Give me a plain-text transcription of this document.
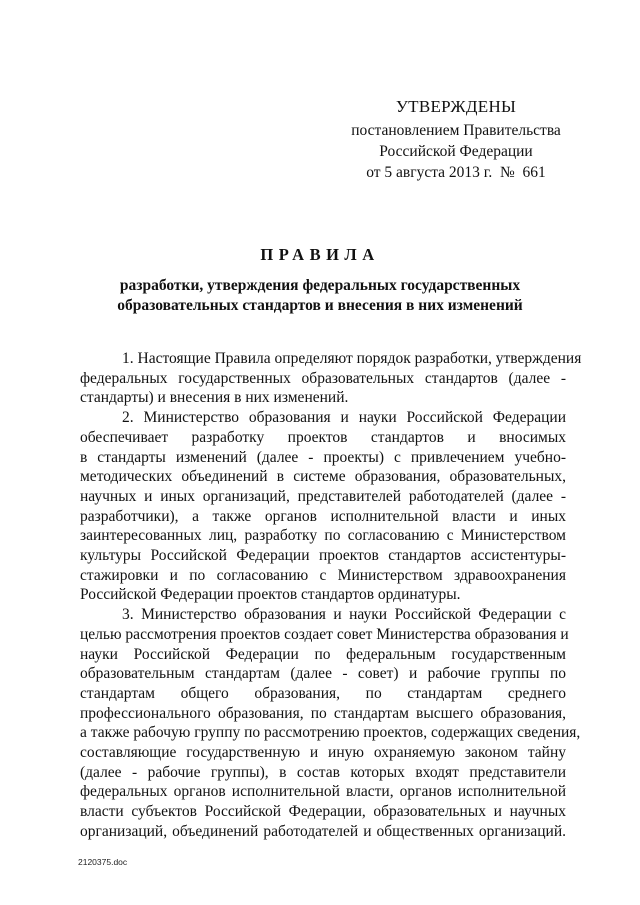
УТВЕРЖДЕНЫ
постановлением Правительства
Российской Федерации
от 5 августа 2013 г.  №  661
ПРАВИЛА
разработки, утверждения федеральных государственных
образовательных стандартов и внесения в них изменений
1. Настоящие Правила определяют порядок разработки, утверждения
федеральных государственных образовательных стандартов (далее -
стандарты) и внесения в них изменений.
2. Министерство образования и науки Российской Федерации
обеспечивает разработку проектов стандартов и вносимых
в стандарты изменений (далее - проекты) с привлечением учебно-
методических объединений в системе образования, образовательных,
научных и иных организаций, представителей работодателей (далее -
разработчики), а также органов исполнительной власти и иных
заинтересованных лиц, разработку по согласованию с Министерством
культуры Российской Федерации проектов стандартов ассистентуры-
стажировки и по согласованию с Министерством здравоохранения
Российской Федерации проектов стандартов ординатуры.
3. Министерство образования и науки Российской Федерации с
целью рассмотрения проектов создает совет Министерства образования и
науки Российской Федерации по федеральным государственным
образовательным стандартам (далее - совет) и рабочие группы по
стандартам общего образования, по стандартам среднего
профессионального образования, по стандартам высшего образования,
а также рабочую группу по рассмотрению проектов, содержащих сведения,
составляющие государственную и иную охраняемую законом тайну
(далее - рабочие группы), в состав которых входят представители
федеральных органов исполнительной власти, органов исполнительной
власти субъектов Российской Федерации, образовательных и научных
организаций, объединений работодателей и общественных организаций.
2120375.doc
